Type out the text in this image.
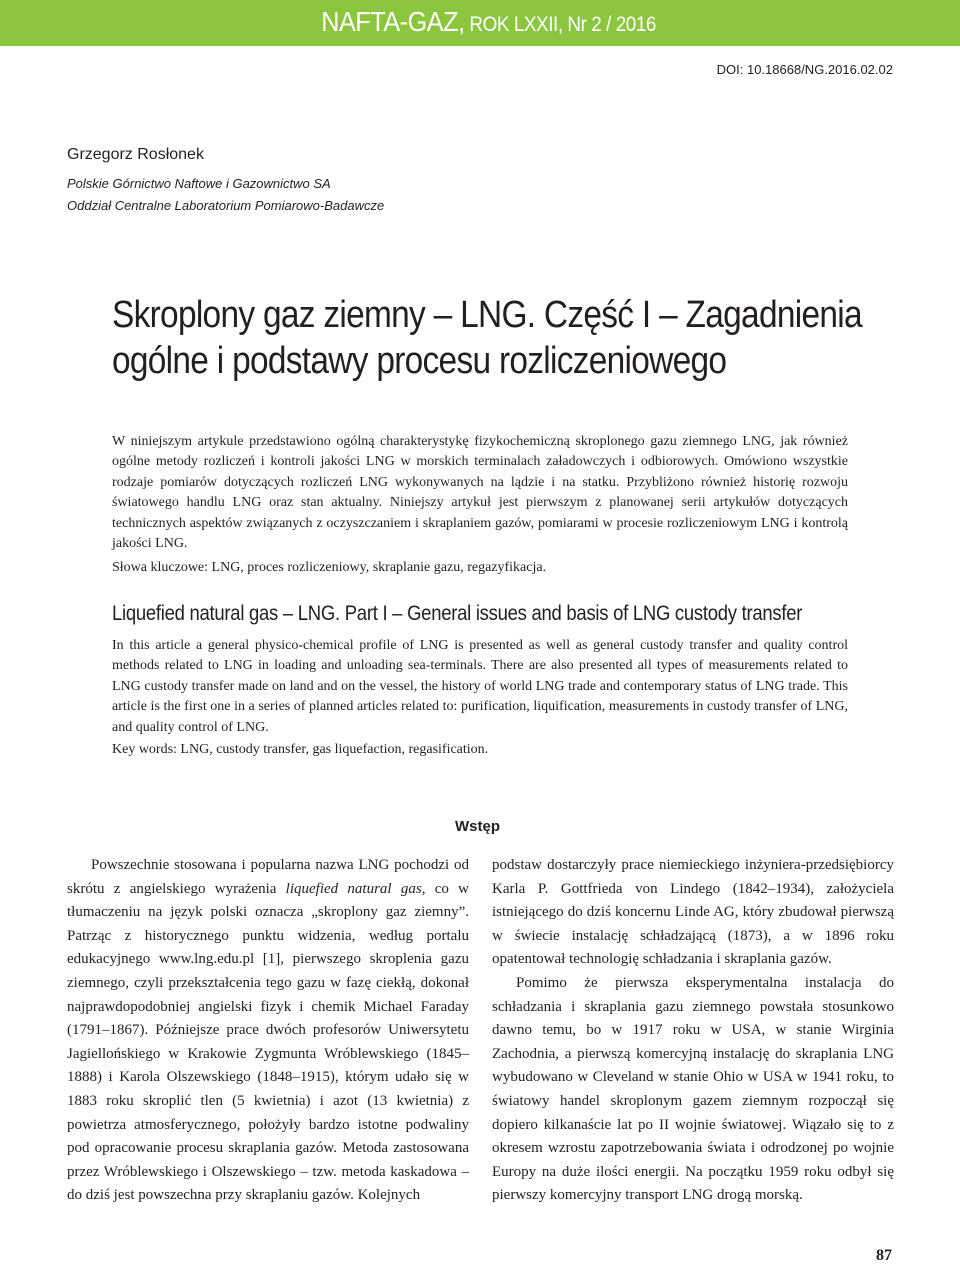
NAFTA-GAZ, ROK LXXII, Nr 2 / 2016
DOI: 10.18668/NG.2016.02.02
Grzegorz Rosłonek
Polskie Górnictwo Naftowe i Gazownictwo SA
Oddział Centralne Laboratorium Pomiarowo-Badawcze
Skroplony gaz ziemny – LNG. Część I – Zagadnienia
ogólne i podstawy procesu rozliczeniowego
W niniejszym artykule przedstawiono ogólną charakterystykę fizykochemiczną skroplonego gazu ziemnego LNG, jak również ogólne metody rozliczeń i kontroli jakości LNG w morskich terminalach załadowczych i odbiorowych. Omówiono wszystkie rodzaje pomiarów dotyczących rozliczeń LNG wykonywanych na lądzie i na statku. Przybliżono również historię rozwoju światowego handlu LNG oraz stan aktualny. Niniejszy artykuł jest pierwszym z planowanej serii artykułów dotyczących technicznych aspektów związanych z oczyszczaniem i skraplaniem gazów, pomiarami w procesie rozliczeniowym LNG i kontrolą jakości LNG.
Słowa kluczowe: LNG, proces rozliczeniowy, skraplanie gazu, regazyfikacja.
Liquefied natural gas – LNG. Part I – General issues and basis of LNG custody transfer
In this article a general physico-chemical profile of LNG is presented as well as general custody transfer and quality control methods related to LNG in loading and unloading sea-terminals. There are also presented all types of measurements related to LNG custody transfer made on land and on the vessel, the history of world LNG trade and contemporary status of LNG trade. This article is the first one in a series of planned articles related to: purification, liquification, measurements in custody transfer of LNG, and quality control of LNG.
Key words: LNG, custody transfer, gas liquefaction, regasification.
Wstęp

Powszechnie stosowana i popularna nazwa LNG pochodzi od skrótu z angielskiego wyrażenia liquefied natural gas, co w tłumaczeniu na język polski oznacza „skroplony gaz ziemny”. Patrząc z historycznego punktu widzenia, według portalu edukacyjnego www.lng.edu.pl [1], pierwszego skroplenia gazu ziemnego, czyli przekształcenia tego gazu w fazę ciekłą, dokonał najprawdopodobniej angielski fizyk i chemik Michael Faraday (1791–1867). Późniejsze prace dwóch profesorów Uniwersytetu Jagiellońskiego w Krakowie Zygmunta Wróblewskiego (1845–1888) i Karola Olszewskiego (1848–1915), którym udało się w 1883 roku skroplić tlen (5 kwietnia) i azot (13 kwietnia) z powietrza atmosferycznego, położyły bardzo istotne podwaliny pod opracowanie procesu skraplania gazów. Metoda zastosowana przez Wróblewskiego i Olszewskiego – tzw. metoda kaskadowa – do dziś jest powszechna przy skraplaniu gazów. Kolejnych

podstaw dostarczyły prace niemieckiego inżyniera-przedsiębiorcy Karla P. Gottfrieda von Lindego (1842–1934), założyciela istniejącego do dziś koncernu Linde AG, który zbudował pierwszą w świecie instalację schładzającą (1873), a w 1896 roku opatentował technologię schładzania i skraplania gazów.

Pomimo że pierwsza eksperymentalna instalacja do schładzania i skraplania gazu ziemnego powstała stosunkowo dawno temu, bo w 1917 roku w USA, w stanie Wirginia Zachodnia, a pierwszą komercyjną instalację do skraplania LNG wybudowano w Cleveland w stanie Ohio w USA w 1941 roku, to światowy handel skroplonym gazem ziemnym rozpoczął się dopiero kilkanaście lat po II wojnie światowej. Wiązało się to z okresem wzrostu zapotrzebowania świata i odrodzonej po wojnie Europy na duże ilości energii. Na początku 1959 roku odbył się pierwszy komercyjny transport LNG drogą morską.

87
